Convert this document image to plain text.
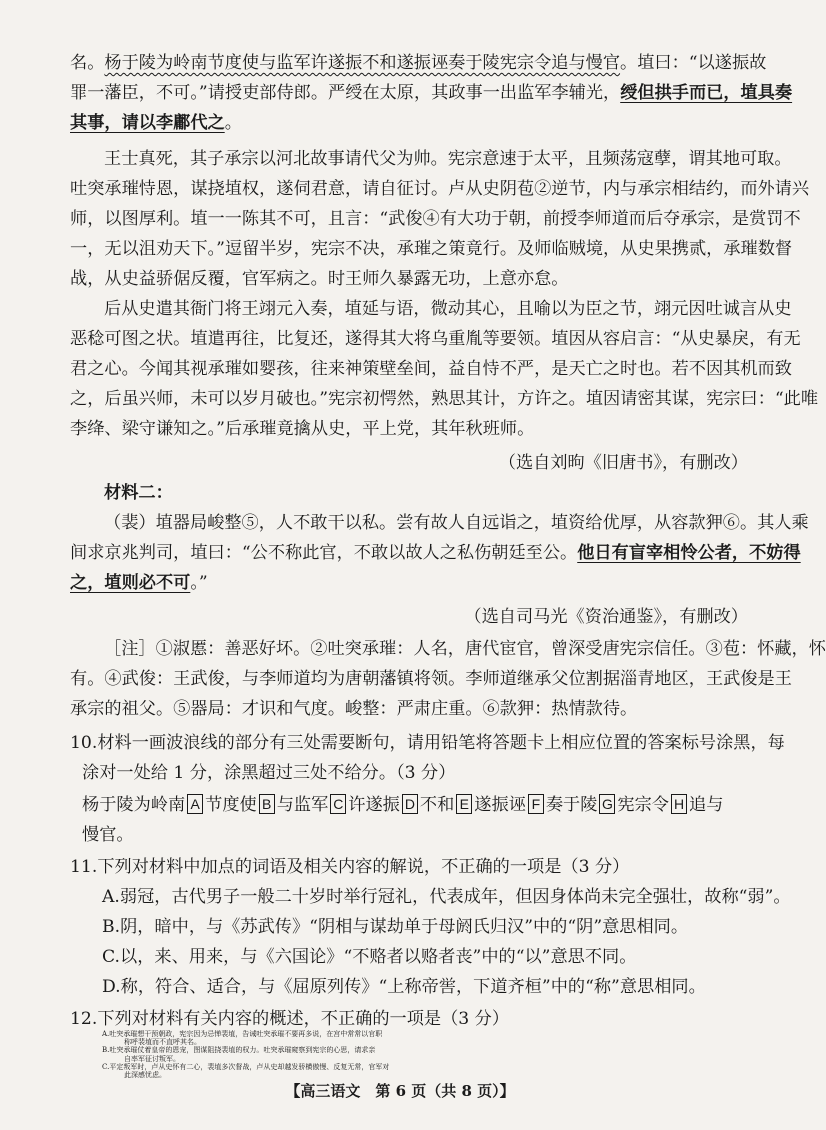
名。杨于陵为岭南节度使与监军许遂振不和遂振诬奏于陵宪宗令追与慢官。埴曰：“以遂振故
罪一藩臣，不可。”请授吏部侍郎。严绶在太原，其政事一出监军李辅光，绶但拱手而已，埴具奏
其事，请以李鄘代之。
王士真死，其子承宗以河北故事请代父为帅。宪宗意速于太平，且频荡寇孽，谓其地可取。
吐突承璀恃恩，谋挠埴权，遂伺君意，请自征讨。卢从史阴苞②逆节，内与承宗相结约，而外请兴
师，以图厚利。埴一一陈其不可，且言：“武俊④有大功于朝，前授李师道而后夺承宗，是赏罚不
一，无以沮劝天下。”逗留半岁，宪宗不决，承璀之策竟行。及师临贼境，从史果携贰，承璀数督
战，从史益骄倨反覆，官军病之。时王师久暴露无功，上意亦怠。
后从史遣其衙门将王翊元入奏，埴延与语，微动其心，且喻以为臣之节，翊元因吐诚言从史
恶稔可图之状。埴遣再往，比复还，遂得其大将乌重胤等要领。埴因从容启言：“从史暴戾，有无
君之心。今闻其视承璀如婴孩，往来神策壁垒间，益自恃不严，是天亡之时也。若不因其机而致
之，后虽兴师，未可以岁月破也。”宪宗初愕然，熟思其计，方许之。埴因请密其谋，宪宗曰：“此唯
李绛、梁守谦知之。”后承璀竟擒从史，平上党，其年秋班师。
（选自刘昫《旧唐书》，有删改）
材料二：
（裴）埴器局峻整⑤，人不敢干以私。尝有故人自远诣之，埴资给优厚，从容款狎⑥。其人乘
间求京兆判司，埴曰：“公不称此官，不敢以故人之私伤朝廷至公。他日有盲宰相怜公者，不妨得
之，埴则必不可。”
（选自司马光《资治通鉴》，有删改）
［注］①淑慝：善恶好坏。②吐突承璀：人名，唐代宦官，曾深受唐宪宗信任。③苞：怀藏，怀
有。④武俊：王武俊，与李师道均为唐朝藩镇将领。李师道继承父位割据淄青地区，王武俊是王
承宗的祖父。⑤器局：才识和气度。峻整：严肃庄重。⑥款狎：热情款待。
10.材料一画波浪线的部分有三处需要断句，请用铅笔将答题卡上相应位置的答案标号涂黑，每
涂对一处给 1 分，涂黑超过三处不给分。（3 分）
杨于陵为岭南 A 节度使 B 与监军 C 许遂振 D 不和 E 遂振诬 F 奏于陵 G 宪宗令 H 追与
慢官。
11.下列对材料中加点的词语及相关内容的解说，不正确的一项是（3 分）
A.弱冠，古代男子一般二十岁时举行冠礼，代表成年，但因身体尚未完全强壮，故称“弱”。
B.阴，暗中，与《苏武传》“阴相与谋劫单于母阏氏归汉”中的“阴”意思相同。
C.以，来、用来，与《六国论》“不赂者以赂者丧”中的“以”意思不同。
D.称，符合、适合，与《屈原列传》“上称帝喾，下道齐桓”中的“称”意思相同。
12.下列对材料有关内容的概述，不正确的一项是（3 分）
【高三语文　第 6 页（共 8 页）】
A.吐突承璀想干预朝政，宪宗因为忌惮裴埴，告诫吐突承璀不要再多说，在宫中常常以官职
称呼裴埴而不直呼其名。
B.吐突承璀仗着皇帝的恩宠，图谋阻挠裴埴的权力。吐突承璀窥察到宪宗的心思，请求亲
自率军征讨叛军。
C.平定叛军时，卢从史怀有二心，裴埴多次督战，卢从史却越发骄横傲慢、反复无常，官军对
此深感忧虑。
